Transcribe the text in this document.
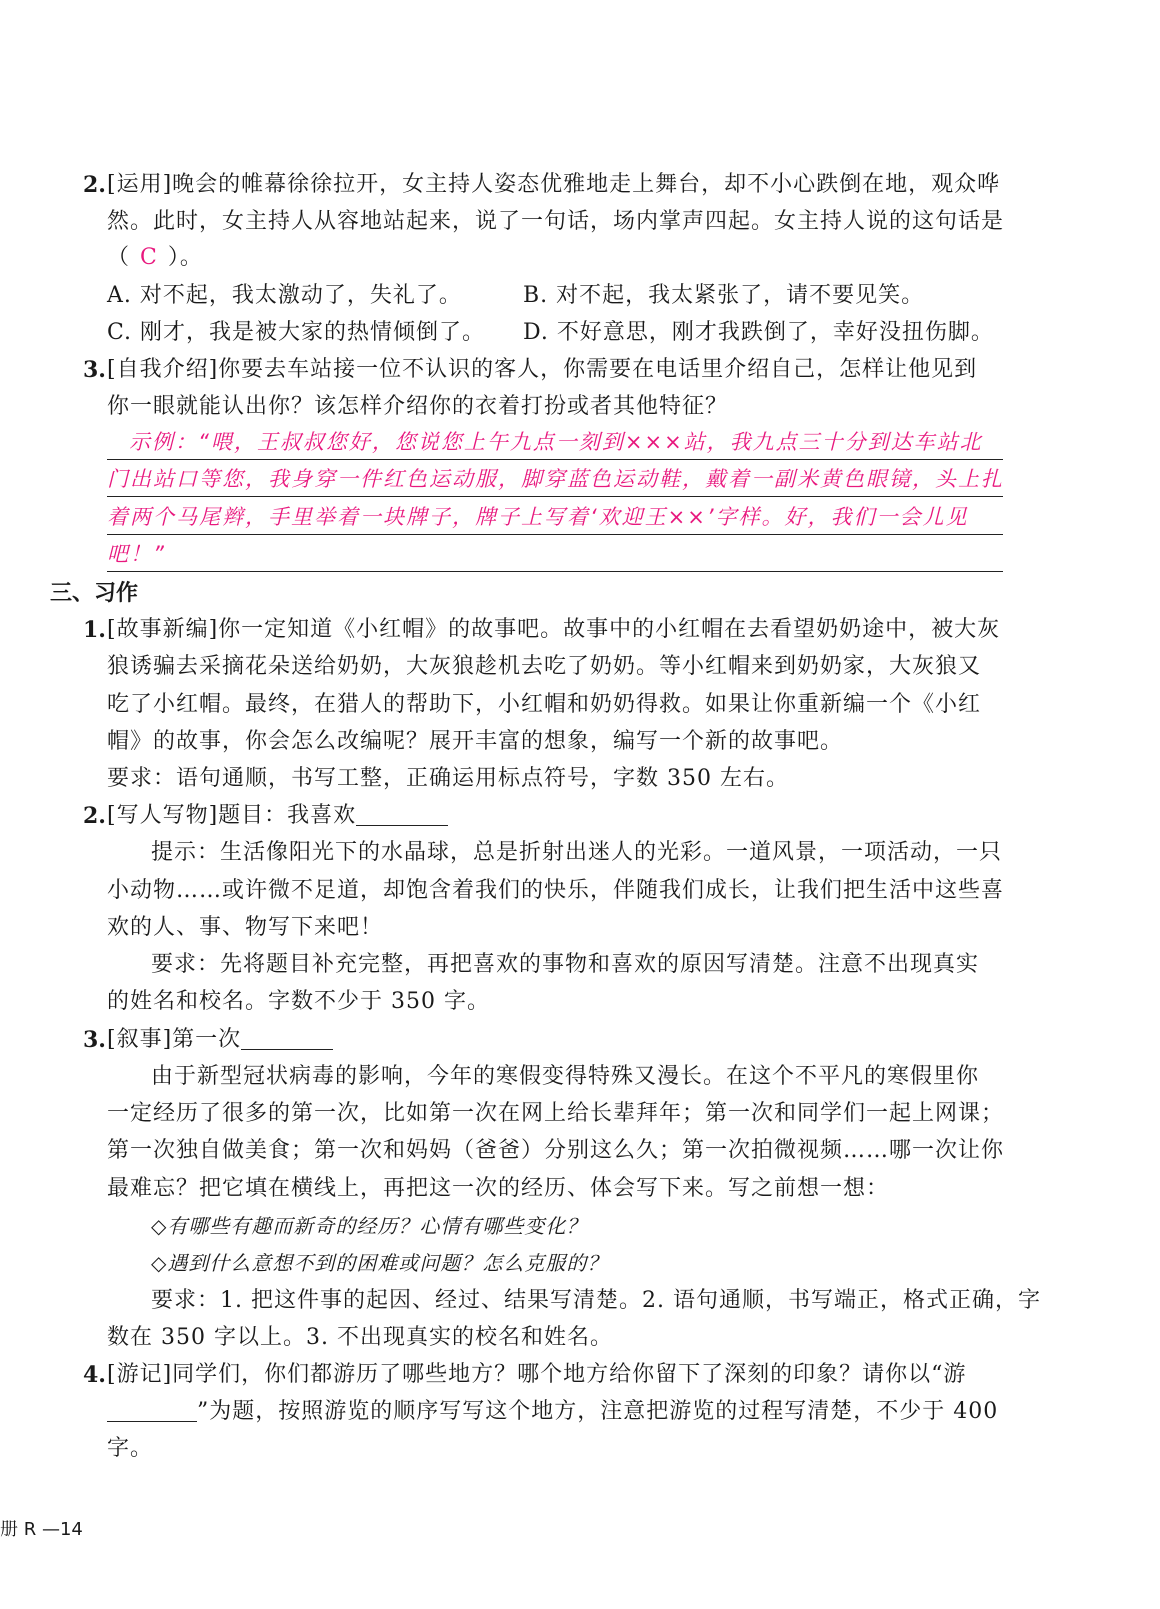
2. [运用]晚会的帷幕徐徐拉开，女主持人姿态优雅地走上舞台，却不小心跌倒在地，观众哗
然。此时，女主持人从容地站起来，说了一句话，场内掌声四起。女主持人说的这句话是
（ C ）。
A. 对不起，我太激动了，失礼了。	B. 对不起，我太紧张了，请不要见笑。
C. 刚才，我是被大家的热情倾倒了。 D. 不好意思，刚才我跌倒了，幸好没扭伤脚。
3. [自我介绍]你要去车站接一位不认识的客人，你需要在电话里介绍自己，怎样让他见到
你一眼就能认出你？该怎样介绍你的衣着打扮或者其他特征？
示例：“喂，王叔叔您好，您说您上午九点一刻到×××站，我九点三十分到达车站北
门出站口等您，我身穿一件红色运动服，脚穿蓝色运动鞋，戴着一副米黄色眼镜，头上扎
着两个马尾辫，手里举着一块牌子，牌子上写着‘欢迎王××’字样。好，我们一会儿见
吧！”
三、习作
1. [故事新编]你一定知道《小红帽》的故事吧。故事中的小红帽在去看望奶奶途中，被大灰
狼诱骗去采摘花朵送给奶奶，大灰狼趁机去吃了奶奶。等小红帽来到奶奶家，大灰狼又
吃了小红帽。最终，在猎人的帮助下，小红帽和奶奶得救。如果让你重新编一个《小红
帽》的故事，你会怎么改编呢？展开丰富的想象，编写一个新的故事吧。
要求：语句通顺，书写工整，正确运用标点符号，字数 350 左右。
2. [写人写物]题目：我喜欢
提示：生活像阳光下的水晶球，总是折射出迷人的光彩。一道风景，一项活动，一只
小动物……或许微不足道，却饱含着我们的快乐，伴随我们成长，让我们把生活中这些喜
欢的人、事、物写下来吧！
要求：先将题目补充完整，再把喜欢的事物和喜欢的原因写清楚。注意不出现真实
的姓名和校名。字数不少于 350 字。
3. [叙事]第一次
由于新型冠状病毒的影响，今年的寒假变得特殊又漫长。在这个不平凡的寒假里你
一定经历了很多的第一次，比如第一次在网上给长辈拜年；第一次和同学们一起上网课；
第一次独自做美食；第一次和妈妈（爸爸）分别这么久；第一次拍微视频……哪一次让你
最难忘？把它填在横线上，再把这一次的经历、体会写下来。写之前想一想：
◇有哪些有趣而新奇的经历？心情有哪些变化？
◇遇到什么意想不到的困难或问题？怎么克服的？
要求：1. 把这件事的起因、经过、结果写清楚。2. 语句通顺，书写端正，格式正确，字
数在 350 字以上。3. 不出现真实的校名和姓名。
4. [游记]同学们，你们都游历了哪些地方？哪个地方给你留下了深刻的印象？请你以“游
”为题，按照游览的顺序写写这个地方，注意把游览的过程写清楚，不少于 400
字。
册 R —14
